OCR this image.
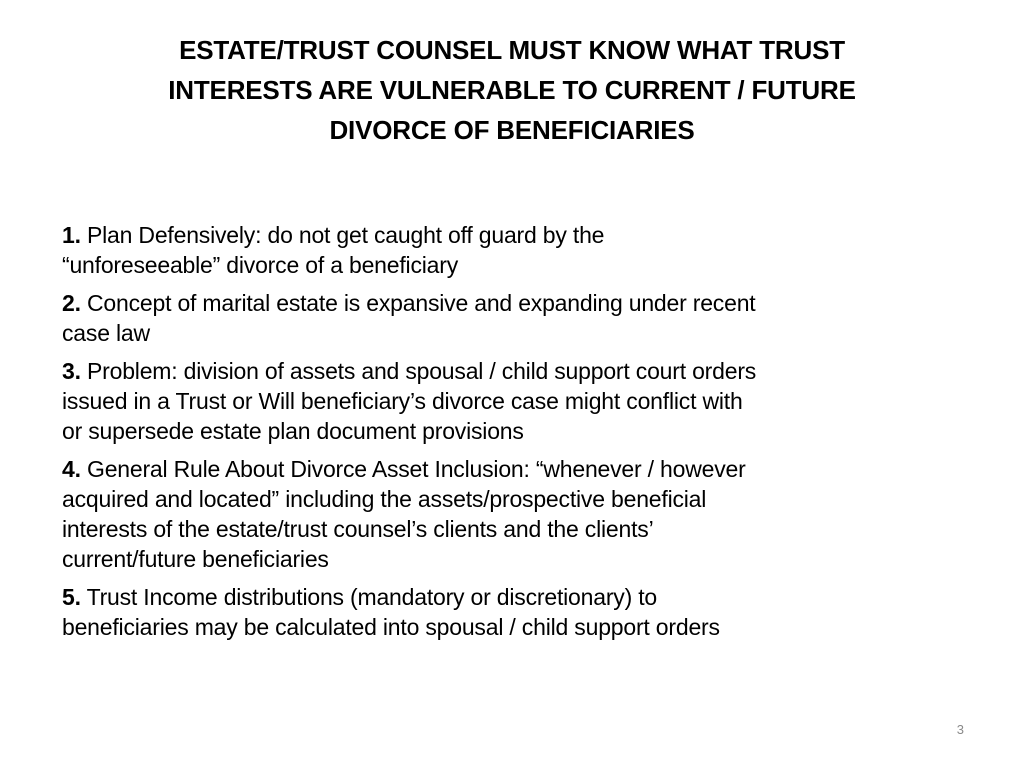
ESTATE/TRUST COUNSEL MUST KNOW WHAT TRUST
INTERESTS ARE VULNERABLE TO CURRENT / FUTURE
DIVORCE OF BENEFICIARIES

1. Plan Defensively: do not get caught off guard by the
“unforeseeable” divorce of a beneficiary

2. Concept of marital estate is expansive and expanding under recent
case law

3. Problem: division of assets and spousal / child support court orders
issued in a Trust or Will beneficiary’s divorce case might conflict with
or supersede estate plan document provisions

4. General Rule About Divorce Asset Inclusion: “whenever / however
acquired and located” including the assets/prospective beneficial
interests of the estate/trust counsel’s clients and the clients’
current/future beneficiaries

5. Trust Income distributions (mandatory or discretionary) to
beneficiaries may be calculated into spousal / child support orders

3
